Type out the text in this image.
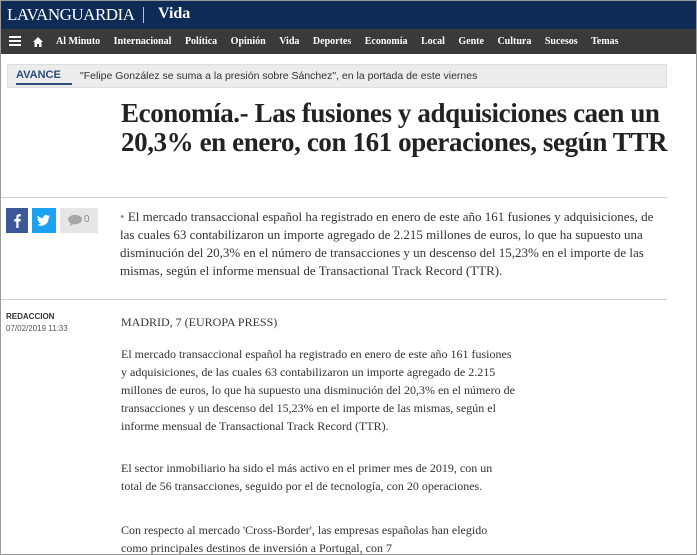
LAVANGUARDIA Vida
Al Minuto Internacional Política Opinión Vida Deportes Economía Local Gente Cultura Sucesos Temas
AVANCE "Felipe González se suma a la presión sobre Sánchez", en la portada de este viernes
Economía.- Las fusiones y adquisiciones caen un 20,3% en enero, con 161 operaciones, según TTR
0 • El mercado transaccional español ha registrado en enero de este año 161 fusiones y adquisiciones, de las cuales 63 contabilizaron un importe agregado de 2.215 millones de euros, lo que ha supuesto una disminución del 20,3% en el número de transacciones y un descenso del 15,23% en el importe de las mismas, según el informe mensual de Transactional Track Record (TTR).
REDACCION
07/02/2019 11:33	MADRID, 7 (EUROPA PRESS)

El mercado transaccional español ha registrado en enero de este año 161 fusiones y adquisiciones, de las cuales 63 contabilizaron un importe agregado de 2.215 millones de euros, lo que ha supuesto una disminución del 20,3% en el número de transacciones y un descenso del 15,23% en el importe de las mismas, según el informe mensual de Transactional Track Record (TTR).

El sector inmobiliario ha sido el más activo en el primer mes de 2019, con un total de 56 transacciones, seguido por el de tecnología, con 20 operaciones.

Con respecto al mercado 'Cross-Border', las empresas españolas han elegido como principales destinos de inversión a Portugal, con 7
